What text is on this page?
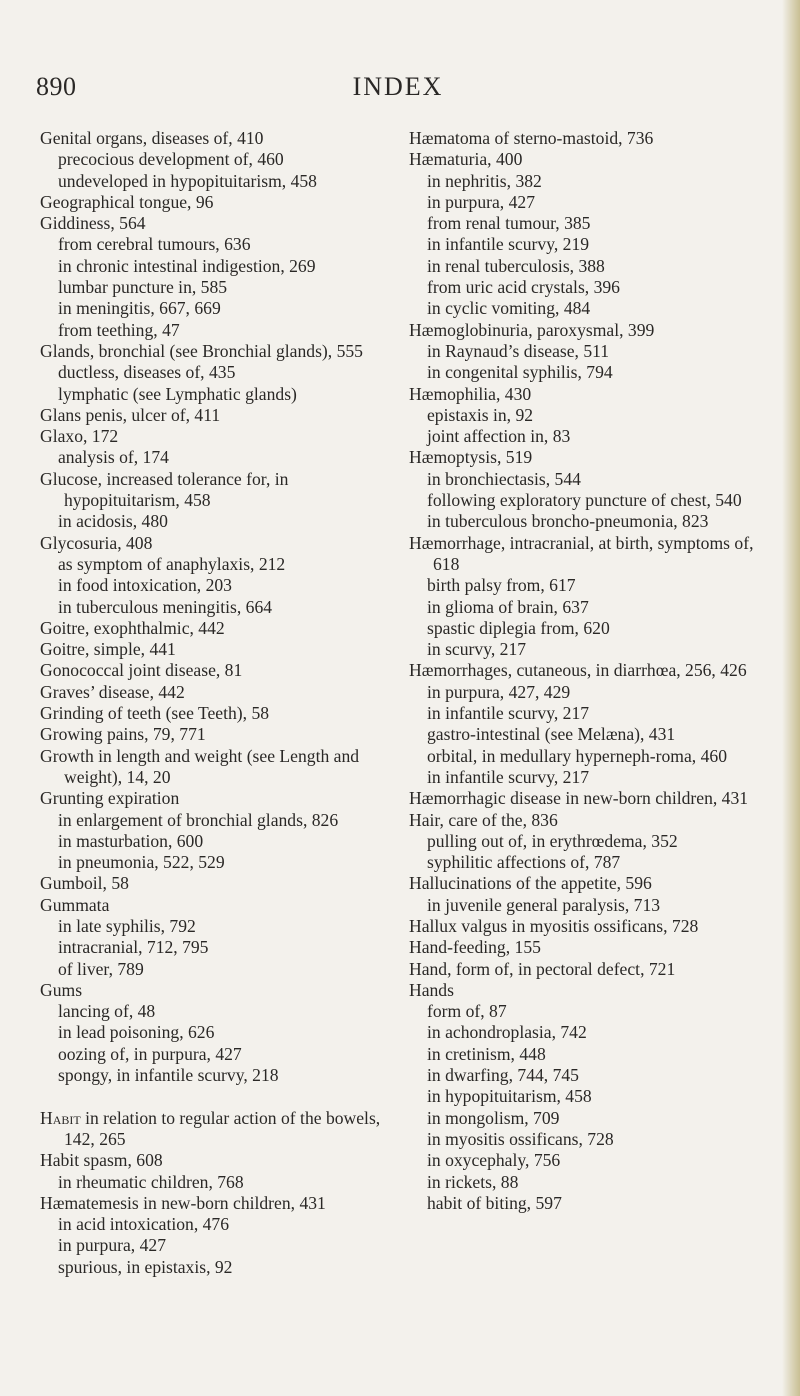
890	INDEX
Genital organs, diseases of, 410
precocious development of, 460
undeveloped in hypopituitarism, 458
Geographical tongue, 96
Giddiness, 564
from cerebral tumours, 636
in chronic intestinal indigestion, 269
lumbar puncture in, 585
in meningitis, 667, 669
from teething, 47
Glands, bronchial (see Bronchial glands), 555
ductless, diseases of, 435
lymphatic (see Lymphatic glands)
Glans penis, ulcer of, 411
Glaxo, 172
analysis of, 174
Glucose, increased tolerance for, in hypopituitarism, 458
in acidosis, 480
Glycosuria, 408
as symptom of anaphylaxis, 212
in food intoxication, 203
in tuberculous meningitis, 664
Goitre, exophthalmic, 442
Goitre, simple, 441
Gonococcal joint disease, 81
Graves’ disease, 442
Grinding of teeth (see Teeth), 58
Growing pains, 79, 771
Growth in length and weight (see Length and weight), 14, 20
Grunting expiration
in enlargement of bronchial glands, 826
in masturbation, 600
in pneumonia, 522, 529
Gumboil, 58
Gummata
in late syphilis, 792
intracranial, 712, 795
of liver, 789
Gums
lancing of, 48
in lead poisoning, 626
oozing of, in purpura, 427
spongy, in infantile scurvy, 218
Habit in relation to regular action of the bowels, 142, 265
Habit spasm, 608
in rheumatic children, 768
Hæmatemesis in new-born children, 431
in acid intoxication, 476
in purpura, 427
spurious, in epistaxis, 92
Hæmatoma of sterno-mastoid, 736
Hæmaturia, 400
in nephritis, 382
in purpura, 427
from renal tumour, 385
in infantile scurvy, 219
in renal tuberculosis, 388
from uric acid crystals, 396
in cyclic vomiting, 484
Hæmoglobinuria, paroxysmal, 399
in Raynaud’s disease, 511
in congenital syphilis, 794
Hæmophilia, 430
epistaxis in, 92
joint affection in, 83
Hæmoptysis, 519
in bronchiectasis, 544
following exploratory puncture of chest, 540
in tuberculous broncho-pneumonia, 823
Hæmorrhage, intracranial, at birth, symptoms of, 618
birth palsy from, 617
in glioma of brain, 637
spastic diplegia from, 620
in scurvy, 217
Hæmorrhages, cutaneous, in diarrhœa, 256, 426
in purpura, 427, 429
in infantile scurvy, 217
gastro-intestinal (see Melæna), 431
orbital, in medullary hyperneph-roma, 460
in infantile scurvy, 217
Hæmorrhagic disease in new-born children, 431
Hair, care of the, 836
pulling out of, in erythrœdema, 352
syphilitic affections of, 787
Hallucinations of the appetite, 596
in juvenile general paralysis, 713
Hallux valgus in myositis ossificans, 728
Hand-feeding, 155
Hand, form of, in pectoral defect, 721
Hands
form of, 87
in achondroplasia, 742
in cretinism, 448
in dwarfing, 744, 745
in hypopituitarism, 458
in mongolism, 709
in myositis ossificans, 728
in oxycephaly, 756
in rickets, 88
habit of biting, 597
